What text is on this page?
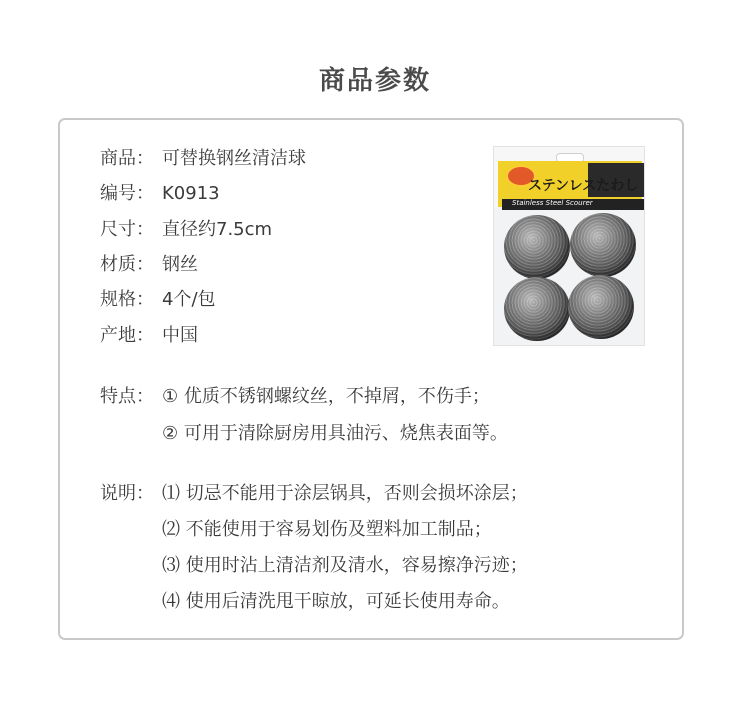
商品参数
商品： 可替换钢丝清洁球
编号： K0913
尺寸： 直径约7.5cm
材质： 钢丝
规格： 4个/包
产地： 中国
特点： ① 优质不锈钢螺纹丝，不掉屑，不伤手；
② 可用于清除厨房用具油污、烧焦表面等。
说明： ⑴ 切忌不能用于涂层锅具，否则会损坏涂层；
⑵ 不能使用于容易划伤及塑料加工制品；
⑶ 使用时沾上清洁剂及清水，容易擦净污迹；
⑷ 使用后清洗甩干晾放，可延长使用寿命。
ステンレスたわし
Stainless Steel Scourer
